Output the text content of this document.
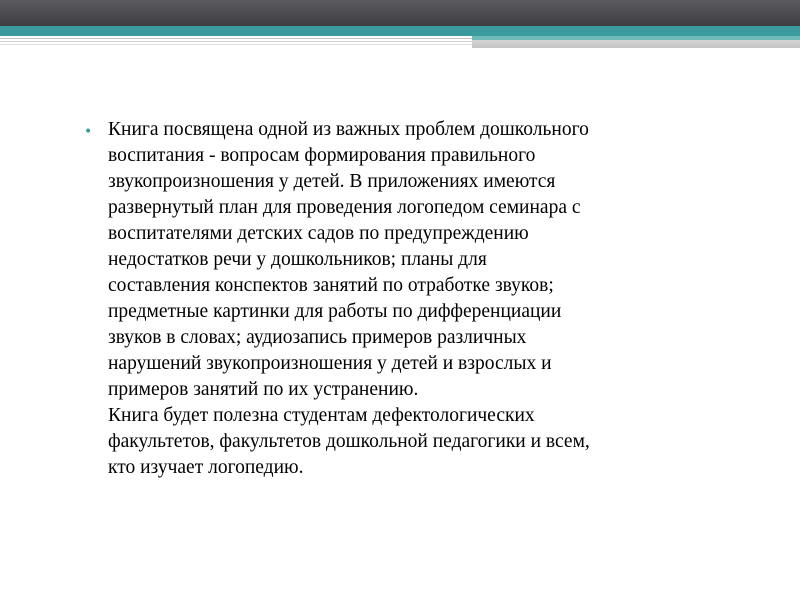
• Книга посвящена одной из важных проблем дошкольного

воспитания - вопросам формирования правильного

звукопроизношения у детей. В приложениях имеются

развернутый план для проведения логопедом семинара с

воспитателями детских садов по предупреждению

недостатков речи у дошкольников; планы для

составления конспектов занятий по отработке звуков;

предметные картинки для работы по дифференциации

звуков в словах; аудиозапись примеров различных

нарушений звукопроизношения у детей и взрослых и

примеров занятий по их устранению.

Книга будет полезна студентам дефектологических

факультетов, факультетов дошкольной педагогики и всем,

кто изучает логопедию.
